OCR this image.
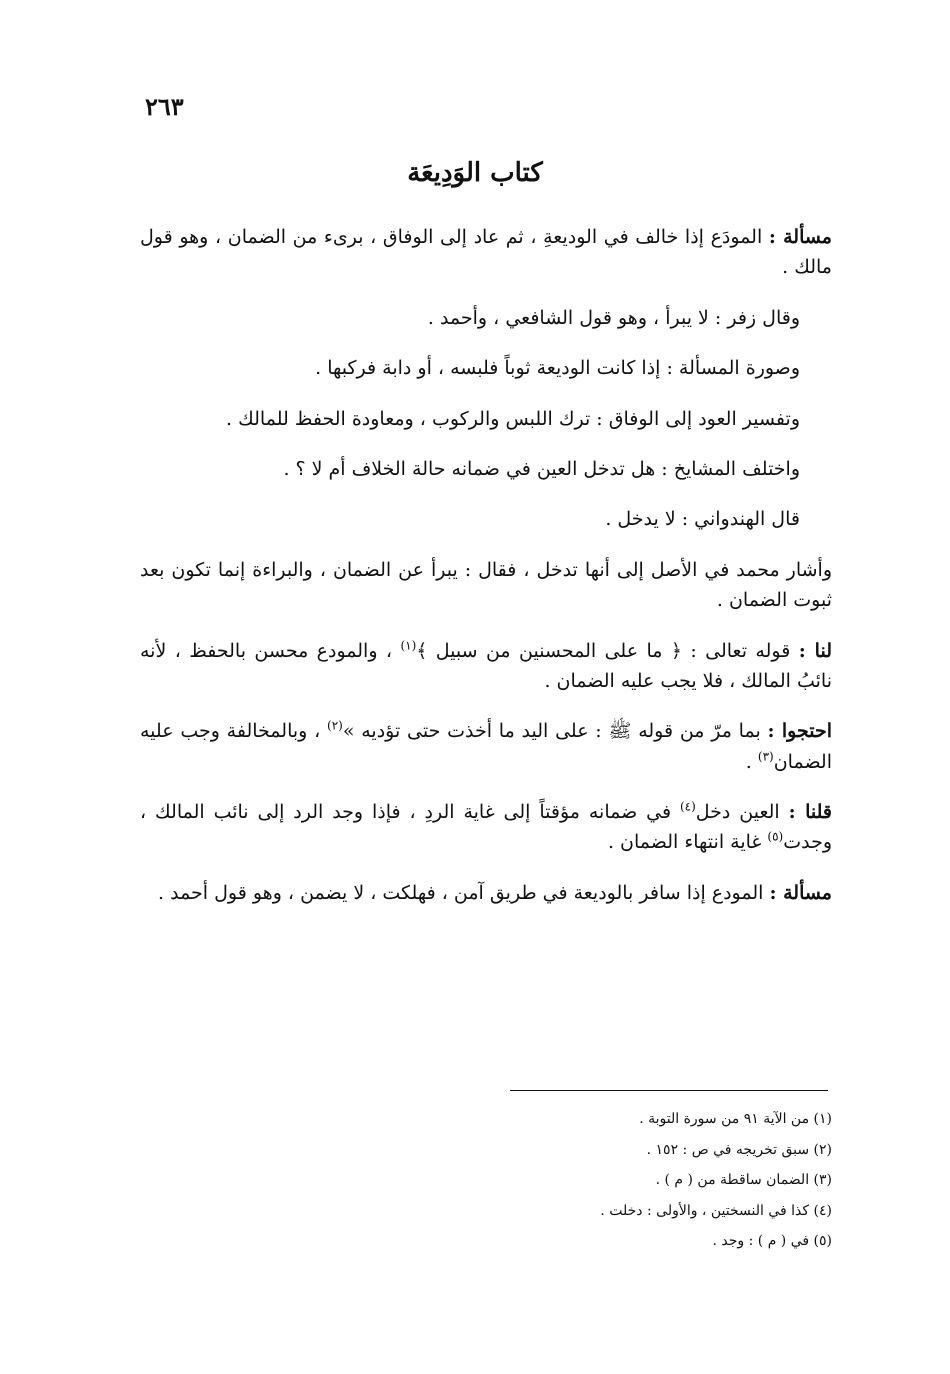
٢٦٣
كتاب الوَدِيعَة

مسألة : المودَع إذا خالف في الوديعةِ ، ثم عاد إلى الوفاق ، برىء من الضمان ، وهو قول مالك .

وقال زفر : لا يبرأ ، وهو قول الشافعي ، وأحمد .

وصورة المسألة : إذا كانت الوديعة ثوباً فلبسه ، أو دابة فركبها .

وتفسير العود إلى الوفاق : ترك اللبس والركوب ، ومعاودة الحفظ للمالك .

واختلف المشايخ : هل تدخل العين في ضمانه حالة الخلاف أم لا ؟ .

قال الهندواني : لا يدخل .

وأشار محمد في الأصل إلى أنها تدخل ، فقال : يبرأ عن الضمان ، والبراءة إنما تكون بعد ثبوت الضمان .

لنا : قوله تعالى : ﴿ ما على المحسنين من سبيل ﴾$^{(١)}$ ، والمودع محسن بالحفظ ، لأنه نائبُ المالك ، فلا يجب عليه الضمان .

احتجوا : بما مرّ من قوله ﷺ : على اليد ما أخذت حتى تؤديه »$^{(٢)}$ ، وبالمخالفة وجب عليه الضمان$^{(٣)}$ .

قلنا : العين دخل$^{(٤)}$ في ضمانه مؤقتاً إلى غاية الردِ ، فإذا وجد الرد إلى نائب المالك ، وجدت$^{(٥)}$ غاية انتهاء الضمان .

مسألة : المودع إذا سافر بالوديعة في طريق آمن ، فهلكت ، لا يضمن ، وهو قول أحمد .

(١) من الآية ٩١ من سورة التوبة .

(٢) سبق تخريجه في ص : ١٥٢ .

(٣) الضمان ساقطة من ( م ) .

(٤) كذا في النسختين ، والأولى : دخلت .

(٥) في ( م ) : وجد .
